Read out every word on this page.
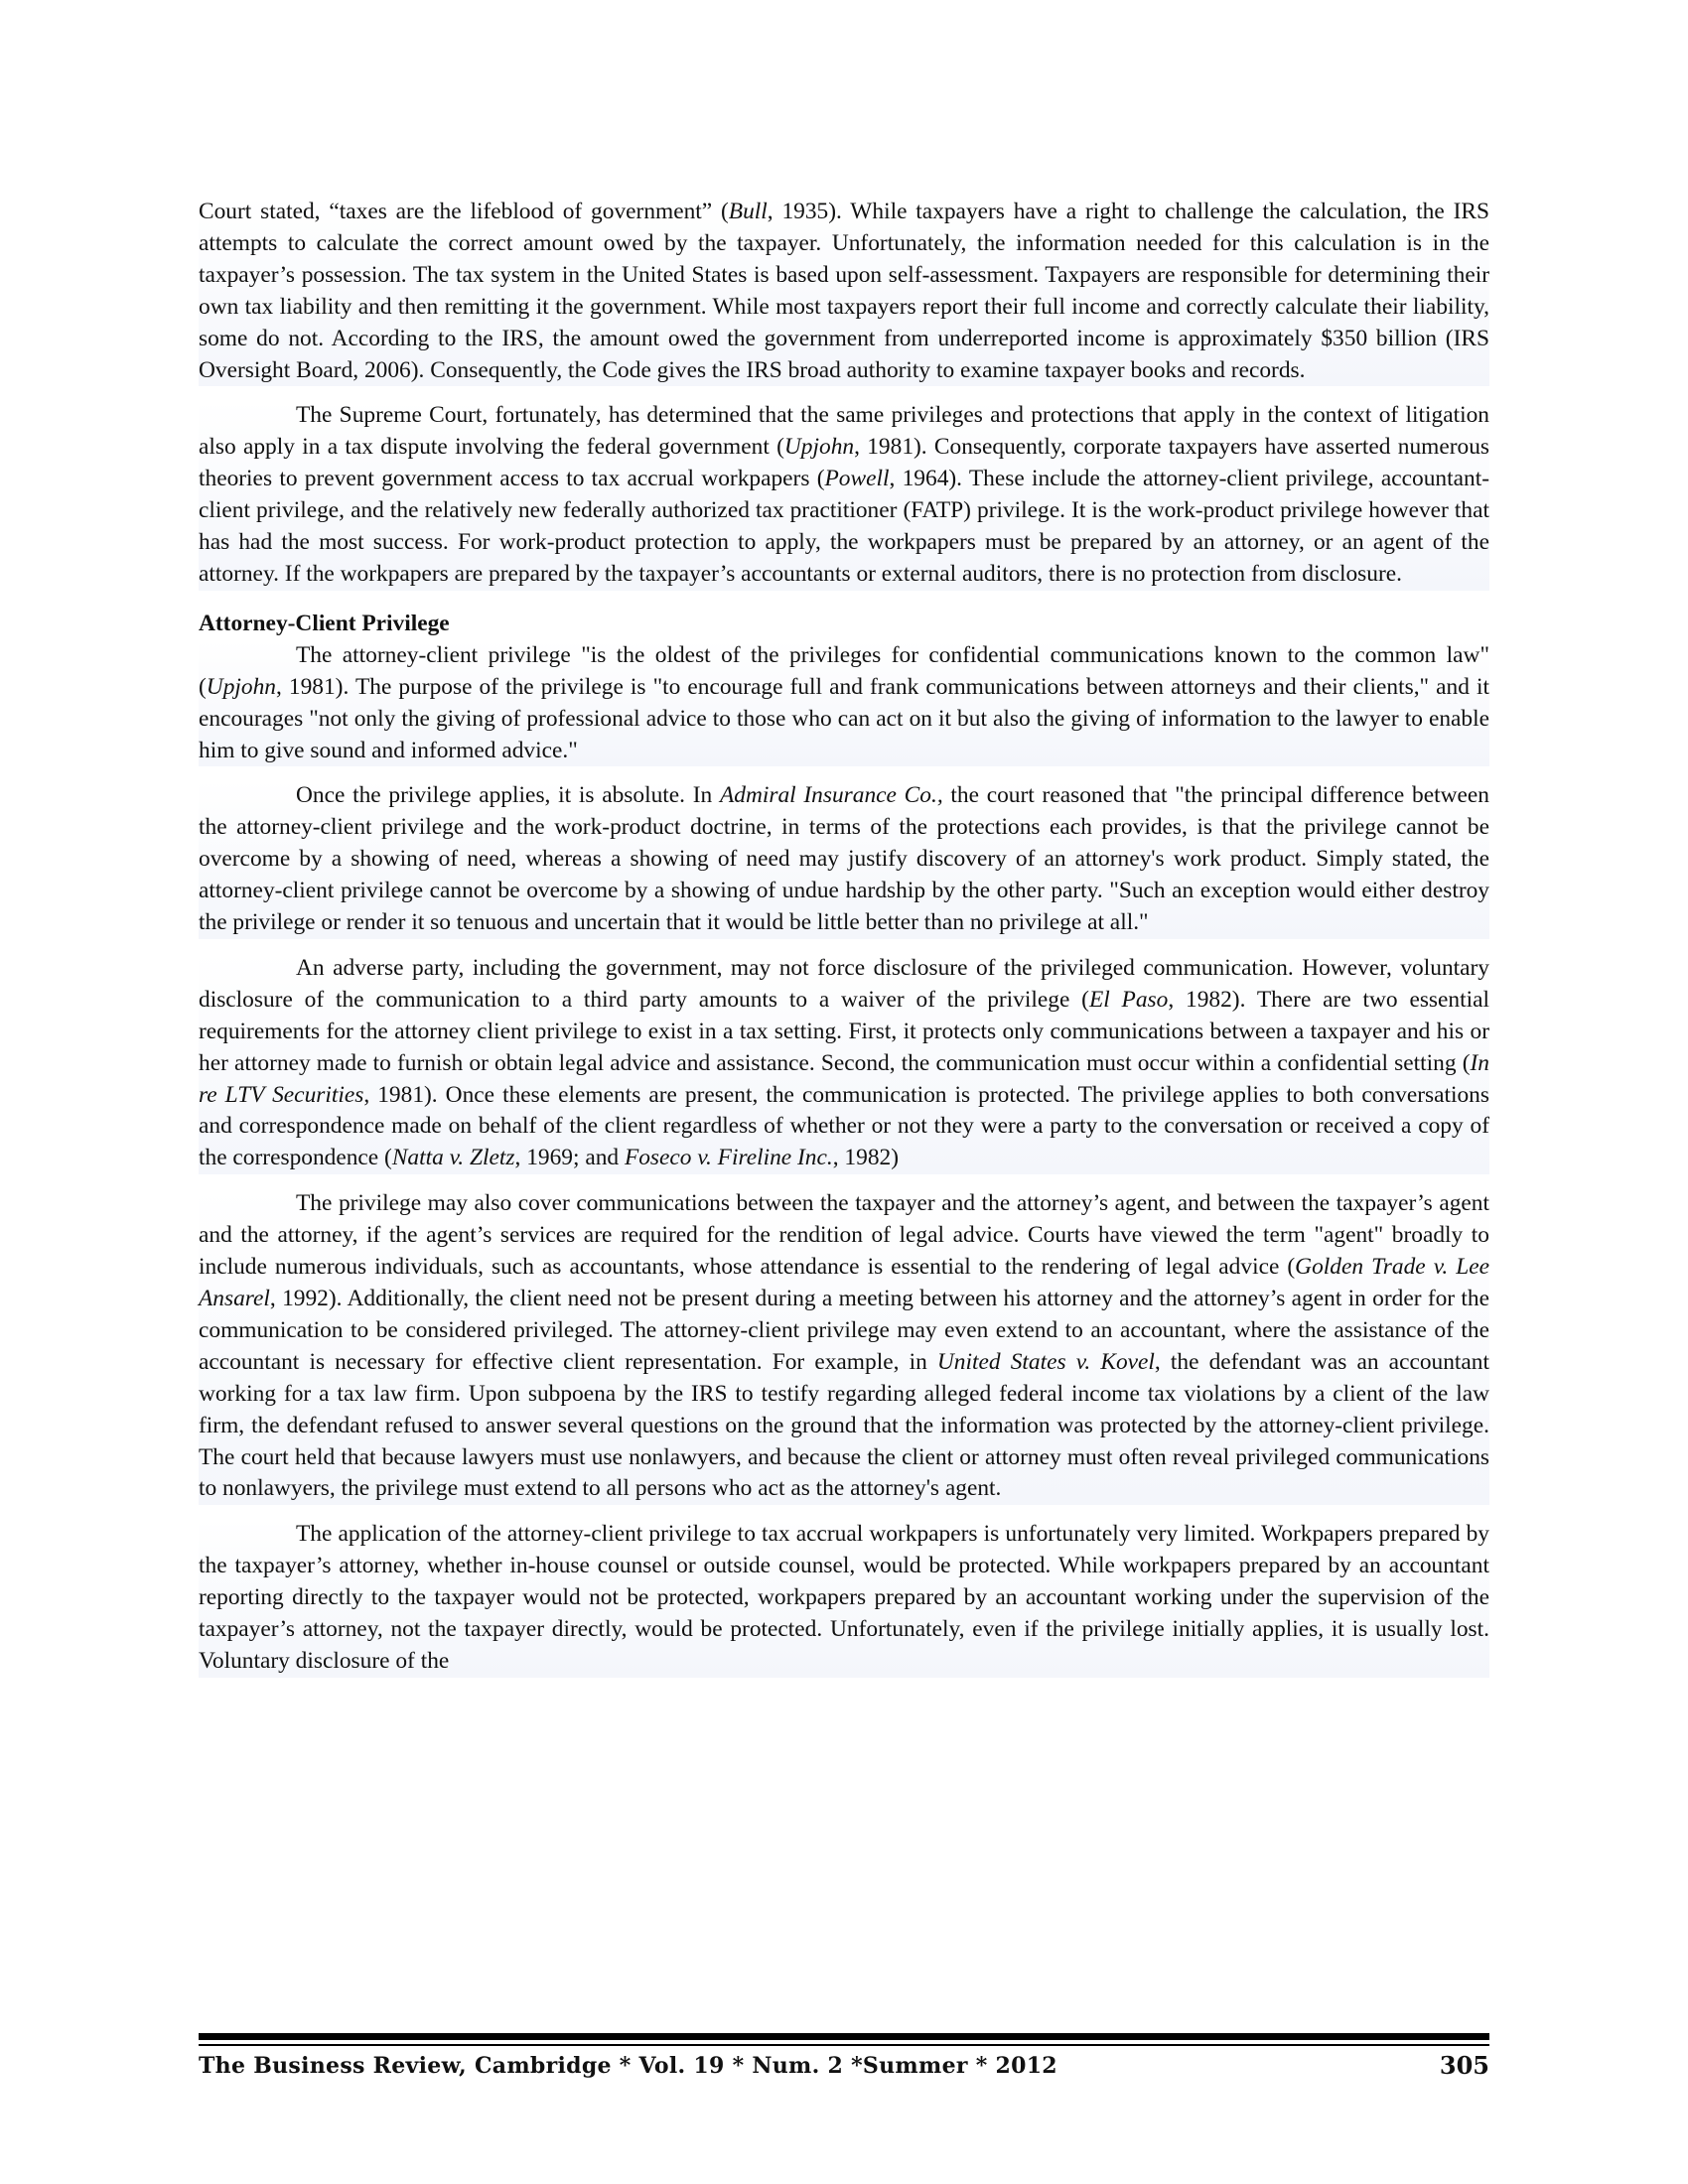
Court stated, “taxes are the lifeblood of government” (Bull, 1935). While taxpayers have a right to challenge the calculation, the IRS attempts to calculate the correct amount owed by the taxpayer. Unfortunately, the information needed for this calculation is in the taxpayer’s possession. The tax system in the United States is based upon self-assessment. Taxpayers are responsible for determining their own tax liability and then remitting it the government. While most taxpayers report their full income and correctly calculate their liability, some do not. According to the IRS, the amount owed the government from underreported income is approximately $350 billion (IRS Oversight Board, 2006). Consequently, the Code gives the IRS broad authority to examine taxpayer books and records.

The Supreme Court, fortunately, has determined that the same privileges and protections that apply in the context of litigation also apply in a tax dispute involving the federal government (Upjohn, 1981). Consequently, corporate taxpayers have asserted numerous theories to prevent government access to tax accrual workpapers (Powell, 1964). These include the attorney-client privilege, accountant-client privilege, and the relatively new federally authorized tax practitioner (FATP) privilege. It is the work-product privilege however that has had the most success. For work-product protection to apply, the workpapers must be prepared by an attorney, or an agent of the attorney. If the workpapers are prepared by the taxpayer’s accountants or external auditors, there is no protection from disclosure.

Attorney-Client Privilege

The attorney-client privilege "is the oldest of the privileges for confidential communications known to the common law" (Upjohn, 1981). The purpose of the privilege is "to encourage full and frank communications between attorneys and their clients," and it encourages "not only the giving of professional advice to those who can act on it but also the giving of information to the lawyer to enable him to give sound and informed advice."

Once the privilege applies, it is absolute. In Admiral Insurance Co., the court reasoned that "the principal difference between the attorney-client privilege and the work-product doctrine, in terms of the protections each provides, is that the privilege cannot be overcome by a showing of need, whereas a showing of need may justify discovery of an attorney's work product. Simply stated, the attorney-client privilege cannot be overcome by a showing of undue hardship by the other party. "Such an exception would either destroy the privilege or render it so tenuous and uncertain that it would be little better than no privilege at all."

An adverse party, including the government, may not force disclosure of the privileged communication. However, voluntary disclosure of the communication to a third party amounts to a waiver of the privilege (El Paso, 1982). There are two essential requirements for the attorney client privilege to exist in a tax setting. First, it protects only communications between a taxpayer and his or her attorney made to furnish or obtain legal advice and assistance. Second, the communication must occur within a confidential setting (In re LTV Securities, 1981). Once these elements are present, the communication is protected. The privilege applies to both conversations and correspondence made on behalf of the client regardless of whether or not they were a party to the conversation or received a copy of the correspondence (Natta v. Zletz, 1969; and Foseco v. Fireline Inc., 1982)

The privilege may also cover communications between the taxpayer and the attorney’s agent, and between the taxpayer’s agent and the attorney, if the agent’s services are required for the rendition of legal advice. Courts have viewed the term "agent" broadly to include numerous individuals, such as accountants, whose attendance is essential to the rendering of legal advice (Golden Trade v. Lee Ansarel, 1992). Additionally, the client need not be present during a meeting between his attorney and the attorney’s agent in order for the communication to be considered privileged. The attorney-client privilege may even extend to an accountant, where the assistance of the accountant is necessary for effective client representation. For example, in United States v. Kovel, the defendant was an accountant working for a tax law firm. Upon subpoena by the IRS to testify regarding alleged federal income tax violations by a client of the law firm, the defendant refused to answer several questions on the ground that the information was protected by the attorney-client privilege. The court held that because lawyers must use nonlawyers, and because the client or attorney must often reveal privileged communications to nonlawyers, the privilege must extend to all persons who act as the attorney's agent.

The application of the attorney-client privilege to tax accrual workpapers is unfortunately very limited. Workpapers prepared by the taxpayer’s attorney, whether in-house counsel or outside counsel, would be protected. While workpapers prepared by an accountant reporting directly to the taxpayer would not be protected, workpapers prepared by an accountant working under the supervision of the taxpayer’s attorney, not the taxpayer directly, would be protected. Unfortunately, even if the privilege initially applies, it is usually lost. Voluntary disclosure of the

The Business Review, Cambridge * Vol. 19 * Num. 2 *Summer * 2012	305
